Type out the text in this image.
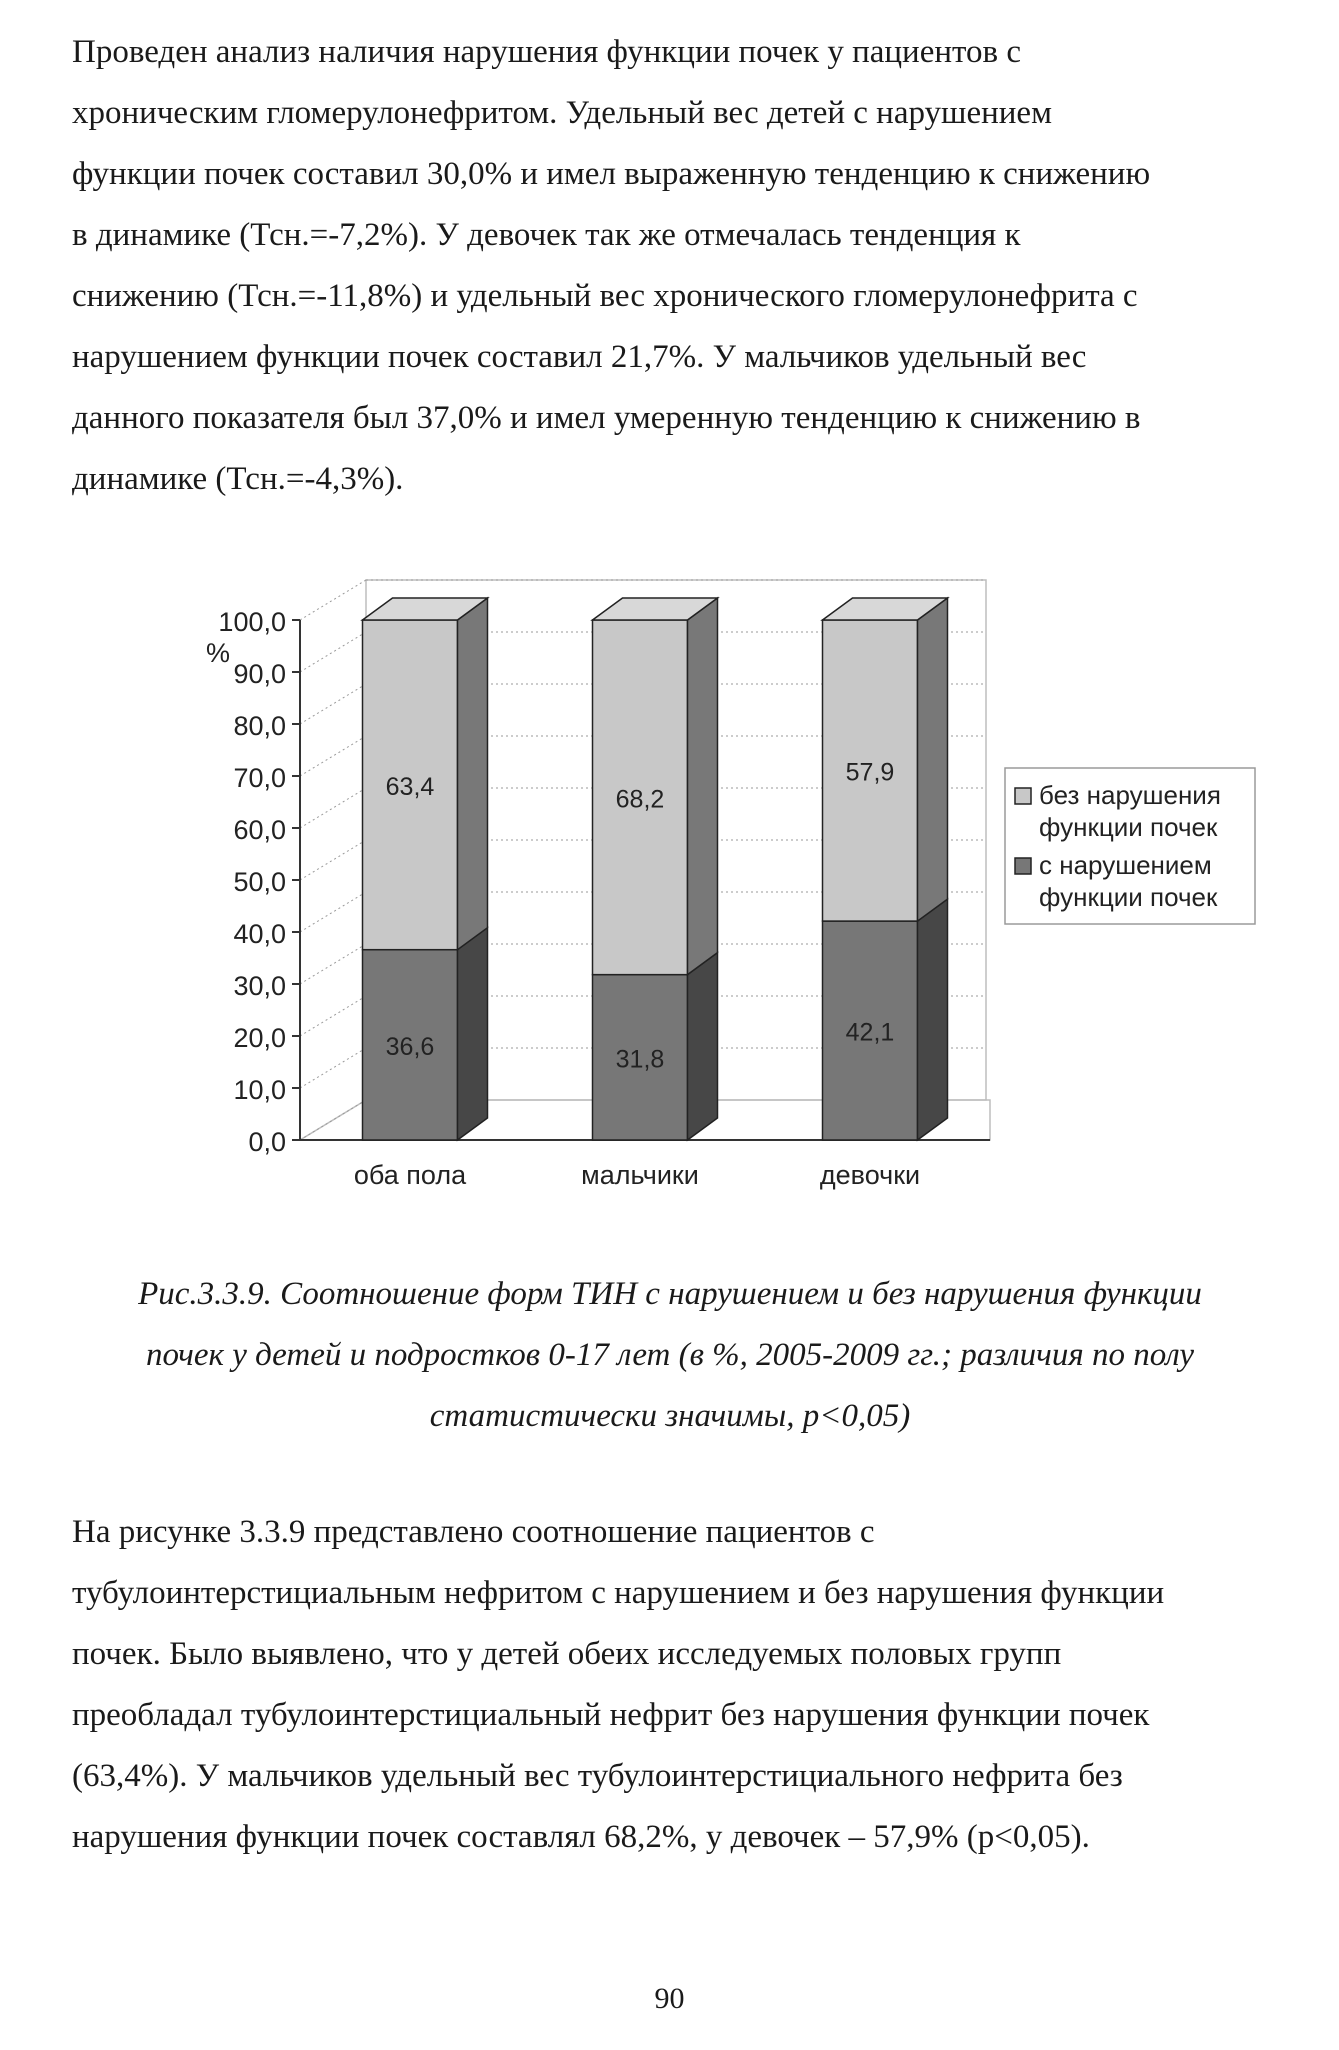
Проведен анализ наличия нарушения функции почек у пациентов с
хроническим гломерулонефритом. Удельный вес детей с нарушением
функции почек составил 30,0% и имел выраженную тенденцию к снижению
в динамике (Тсн.=-7,2%). У девочек так же отмечалась тенденция к
снижению (Тсн.=-11,8%) и удельный вес хронического гломерулонефрита с
нарушением функции почек составил 21,7%. У мальчиков удельный вес
данного показателя был 37,0% и имел умеренную тенденцию к снижению в
динамике (Тсн.=-4,3%).
0,0
10,0
20,0
30,0
40,0
50,0
60,0
70,0
80,0
90,0
100,0
%
36,6
63,4
оба пола
31,8
68,2
мальчики
42,1
57,9
девочки
без нарушения
функции почек
с нарушением
функции почек
Рис.3.3.9. Соотношение форм ТИН с нарушением и без нарушения функции
почек у детей и подростков 0-17 лет (в %, 2005-2009 гг.; различия по полу
статистически значимы, p<0,05)
На рисунке 3.3.9 представлено соотношение пациентов с
тубулоинтерстициальным нефритом с нарушением и без нарушения функции
почек. Было выявлено, что у детей обеих исследуемых половых групп
преобладал тубулоинтерстициальный нефрит без нарушения функции почек
(63,4%). У мальчиков удельный вес тубулоинтерстициального нефрита без
нарушения функции почек составлял 68,2%, у девочек – 57,9% (p<0,05).
90
